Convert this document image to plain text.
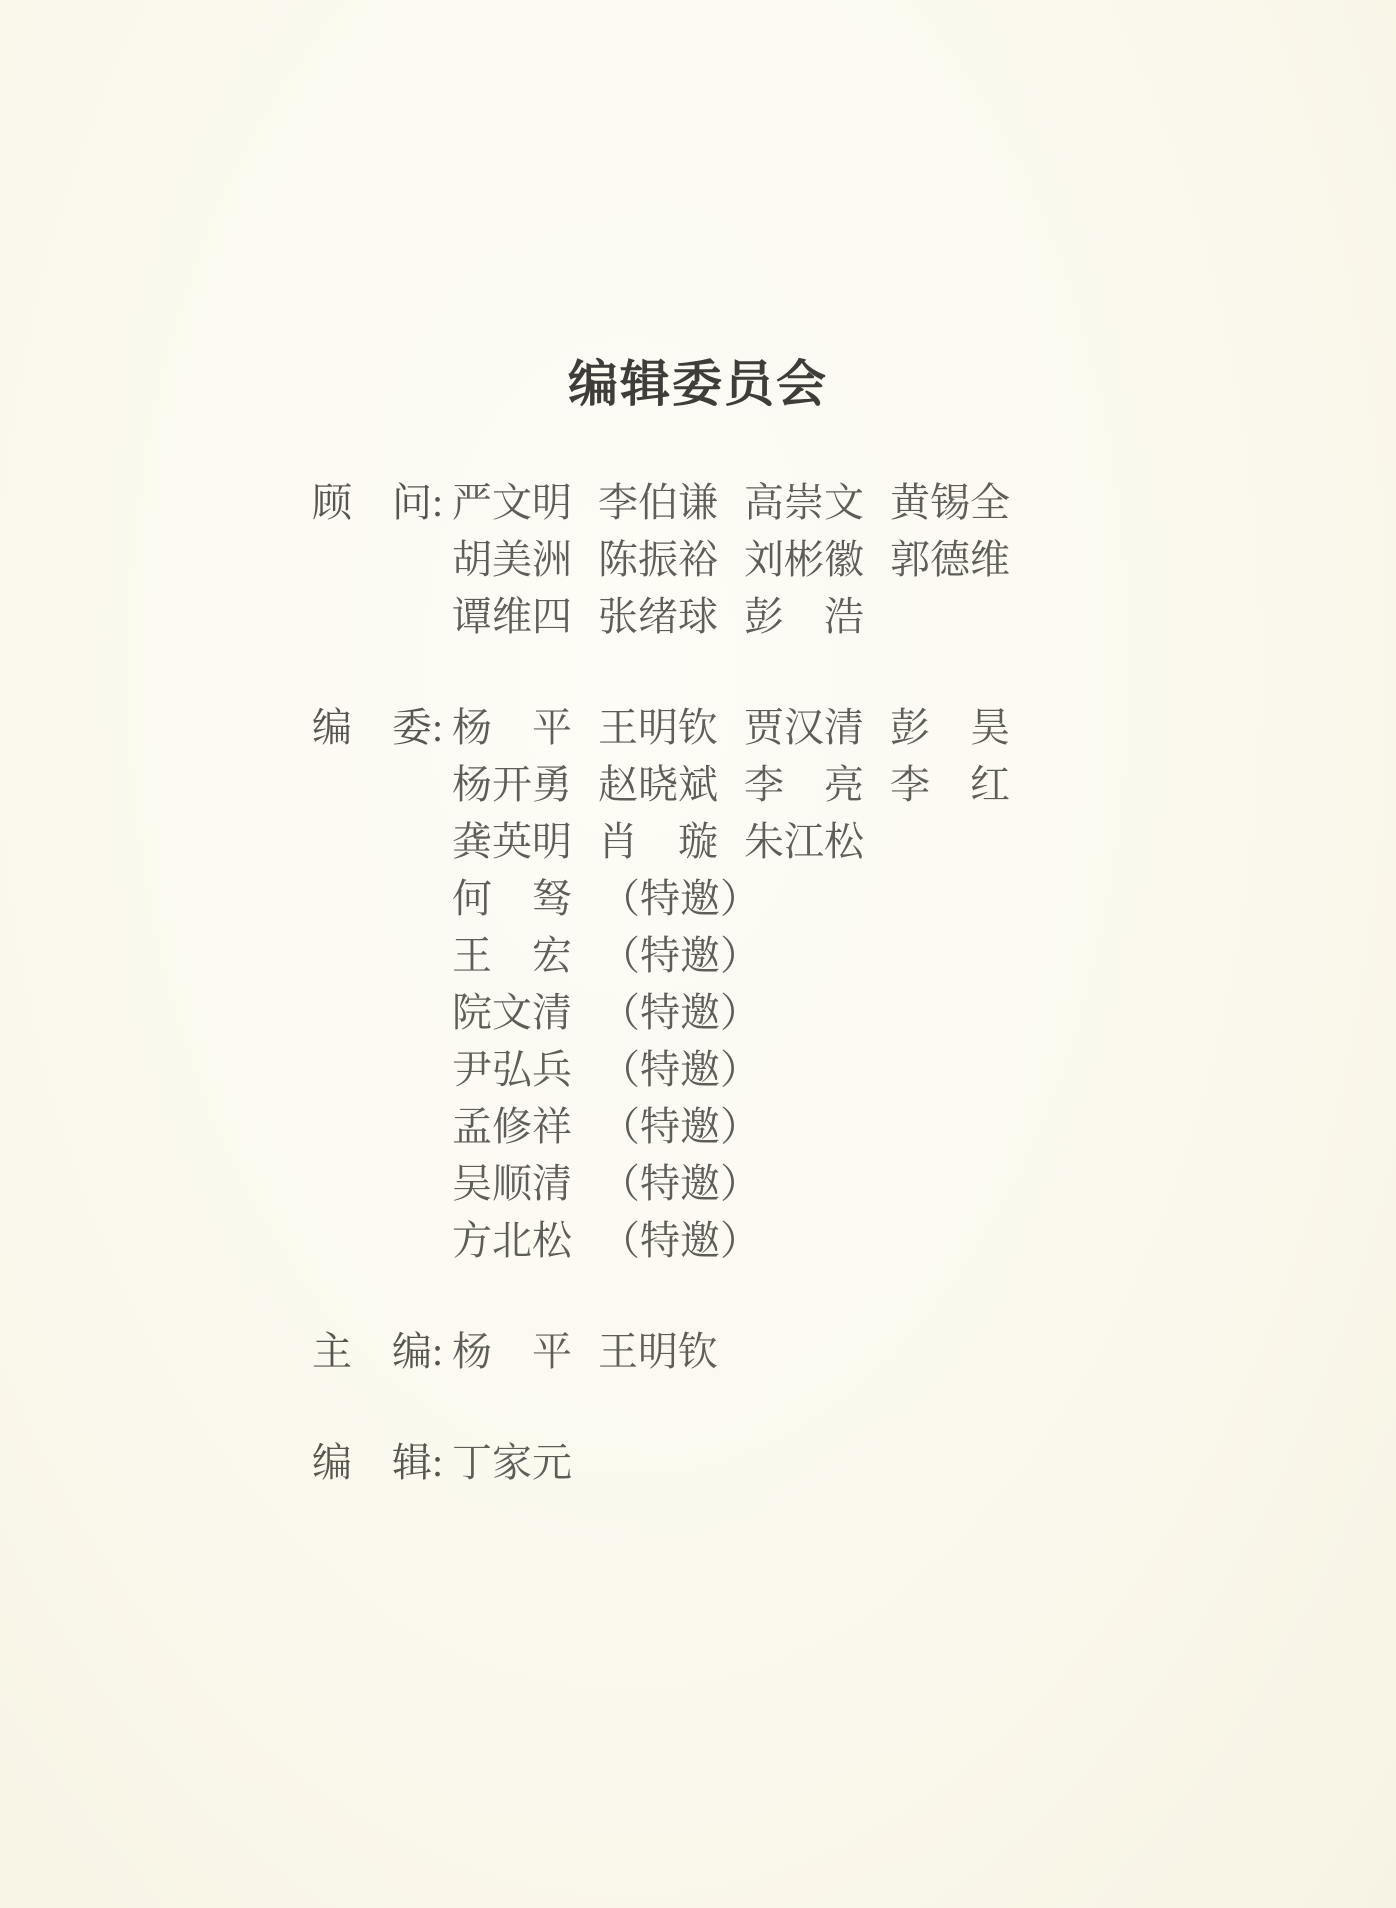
编辑委员会
顾　问: 严文明 李伯谦 高崇文 黄锡全
胡美洲 陈振裕 刘彬徽 郭德维
谭维四 张绪球 彭　浩
编　委: 杨　平 王明钦 贾汉清 彭　昊
杨开勇 赵晓斌 李　亮 李　红
龚英明 肖　璇 朱江松
何　驽 （特邀）
王　宏 （特邀）
院文清 （特邀）
尹弘兵 （特邀）
孟修祥 （特邀）
吴顺清 （特邀）
方北松 （特邀）
主　编: 杨　平 王明钦
编　辑: 丁家元
